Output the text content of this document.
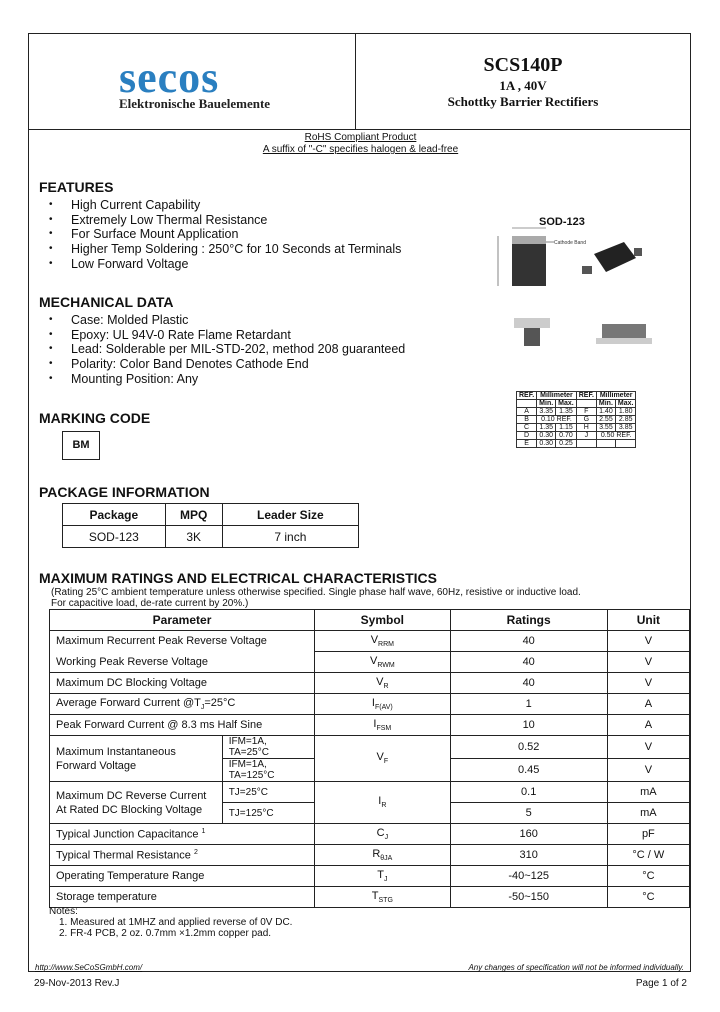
secos
Elektronische Bauelemente
SCS140P
1A , 40V
Schottky Barrier Rectifiers
RoHS Compliant Product
A suffix of "-C" specifies halogen & lead-free
FEATURES
• High Current Capability
• Extremely Low Thermal Resistance
• For Surface Mount Application
• Higher Temp Soldering : 250°C for 10 Seconds at Terminals
• Low Forward Voltage
MECHANICAL DATA
• Case: Molded Plastic
• Epoxy: UL 94V-0 Rate Flame Retardant
• Lead: Solderable per MIL-STD-202, method 208 guaranteed
• Polarity: Color Band Denotes Cathode End
• Mounting Position: Any
MARKING CODE
BM
PACKAGE INFORMATION
Package	MPQ	Leader Size
SOD-123	3K	7 inch
SOD-123
Cathode Band
REF.	Millimeter		REF.	Millimeter	
	Min.	Max.		Min.	Max.
A	3.35	1.35	F	1.40	1.80
B	0.10 REF.		G	2.55	2.85
C	1.35	1.15	H	3.55	3.85
D	0.30	0.70	J	0.50 REF.	
E	0.30	0.25			
MAXIMUM RATINGS AND ELECTRICAL CHARACTERISTICS
(Rating 25°C ambient temperature unless otherwise specified. Single phase half wave, 60Hz, resistive or inductive load.
For capacitive load, de-rate current by 20%.)
Parameter		Symbol	Ratings	Unit
Maximum Recurrent Peak Reverse Voltage		$V_{RRM}$	40	V
Working Peak Reverse Voltage		$V_{RWM}$	40	V
Maximum DC Blocking Voltage		$V_R$	40	V
Average Forward Current $@T_J=25^\circ C$		$I_{F(AV)}$	1	A
Peak Forward Current @ 8.3 ms Half Sine		$I_{FSM}$	10	A
Maximum Instantaneous Forward Voltage	IFM=1A, TA=25°C	$V_F$	0.52	V
	IFM=1A, TA=125°C		0.45	V
Maximum DC Reverse Current
At Rated DC Blocking Voltage	TJ=25°C	$I_R$	0.1	mA
	TJ=125°C		5	mA
Typical Junction Capacitance $^1$		$C_J$	160	pF
Typical Thermal Resistance $^2$		$R_{\theta JA}$	310	°C / W
Operating Temperature Range		$T_J$	-40~125	°C
Storage temperature		$T_{STG}$	-50~150	°C
Notes:
1. Measured at 1MHZ and applied reverse of 0V DC.
2. FR-4 PCB, 2 oz. 0.7mm ×1.2mm copper pad.
http://www.SeCoSGmbH.com/	Any changes of specification will not be informed individually.
29-Nov-2013 Rev.J	Page 1 of 2
